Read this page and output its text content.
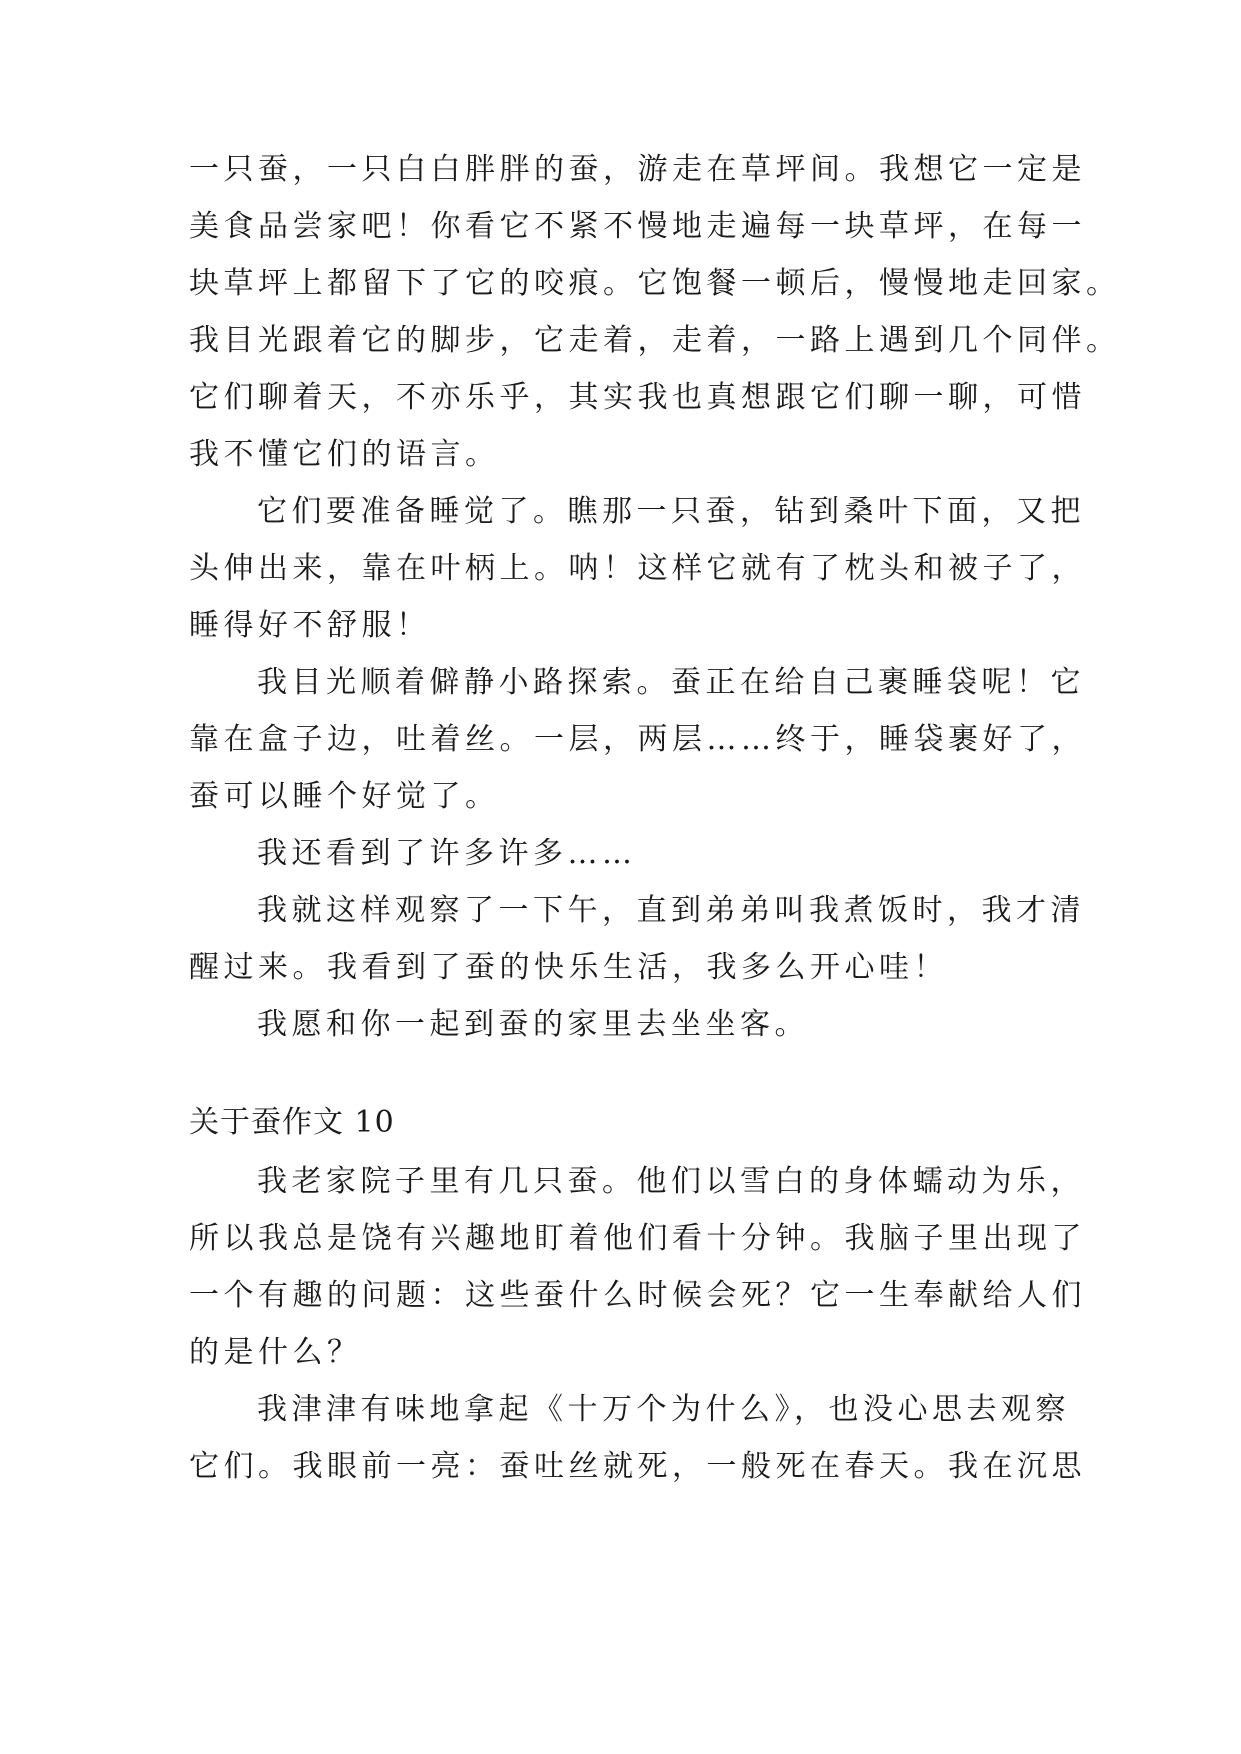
一只蚕，一只白白胖胖的蚕，游走在草坪间。我想它一定是
美食品尝家吧！你看它不紧不慢地走遍每一块草坪，在每一
块草坪上都留下了它的咬痕。它饱餐一顿后，慢慢地走回家。
我目光跟着它的脚步，它走着，走着，一路上遇到几个同伴。
它们聊着天，不亦乐乎，其实我也真想跟它们聊一聊，可惜
我不懂它们的语言。
它们要准备睡觉了。瞧那一只蚕，钻到桑叶下面，又把
头伸出来，靠在叶柄上。呐！这样它就有了枕头和被子了，
睡得好不舒服！
我目光顺着僻静小路探索。蚕正在给自己裹睡袋呢！它
靠在盒子边，吐着丝。一层，两层……终于，睡袋裹好了，
蚕可以睡个好觉了。
我还看到了许多许多……
我就这样观察了一下午，直到弟弟叫我煮饭时，我才清
醒过来。我看到了蚕的快乐生活，我多么开心哇！
我愿和你一起到蚕的家里去坐坐客。
关于蚕作文 10
我老家院子里有几只蚕。他们以雪白的身体蠕动为乐，
所以我总是饶有兴趣地盯着他们看十分钟。我脑子里出现了
一个有趣的问题：这些蚕什么时候会死？它一生奉献给人们
的是什么？
我津津有味地拿起《十万个为什么》，也没心思去观察
它们。我眼前一亮：蚕吐丝就死，一般死在春天。我在沉思
